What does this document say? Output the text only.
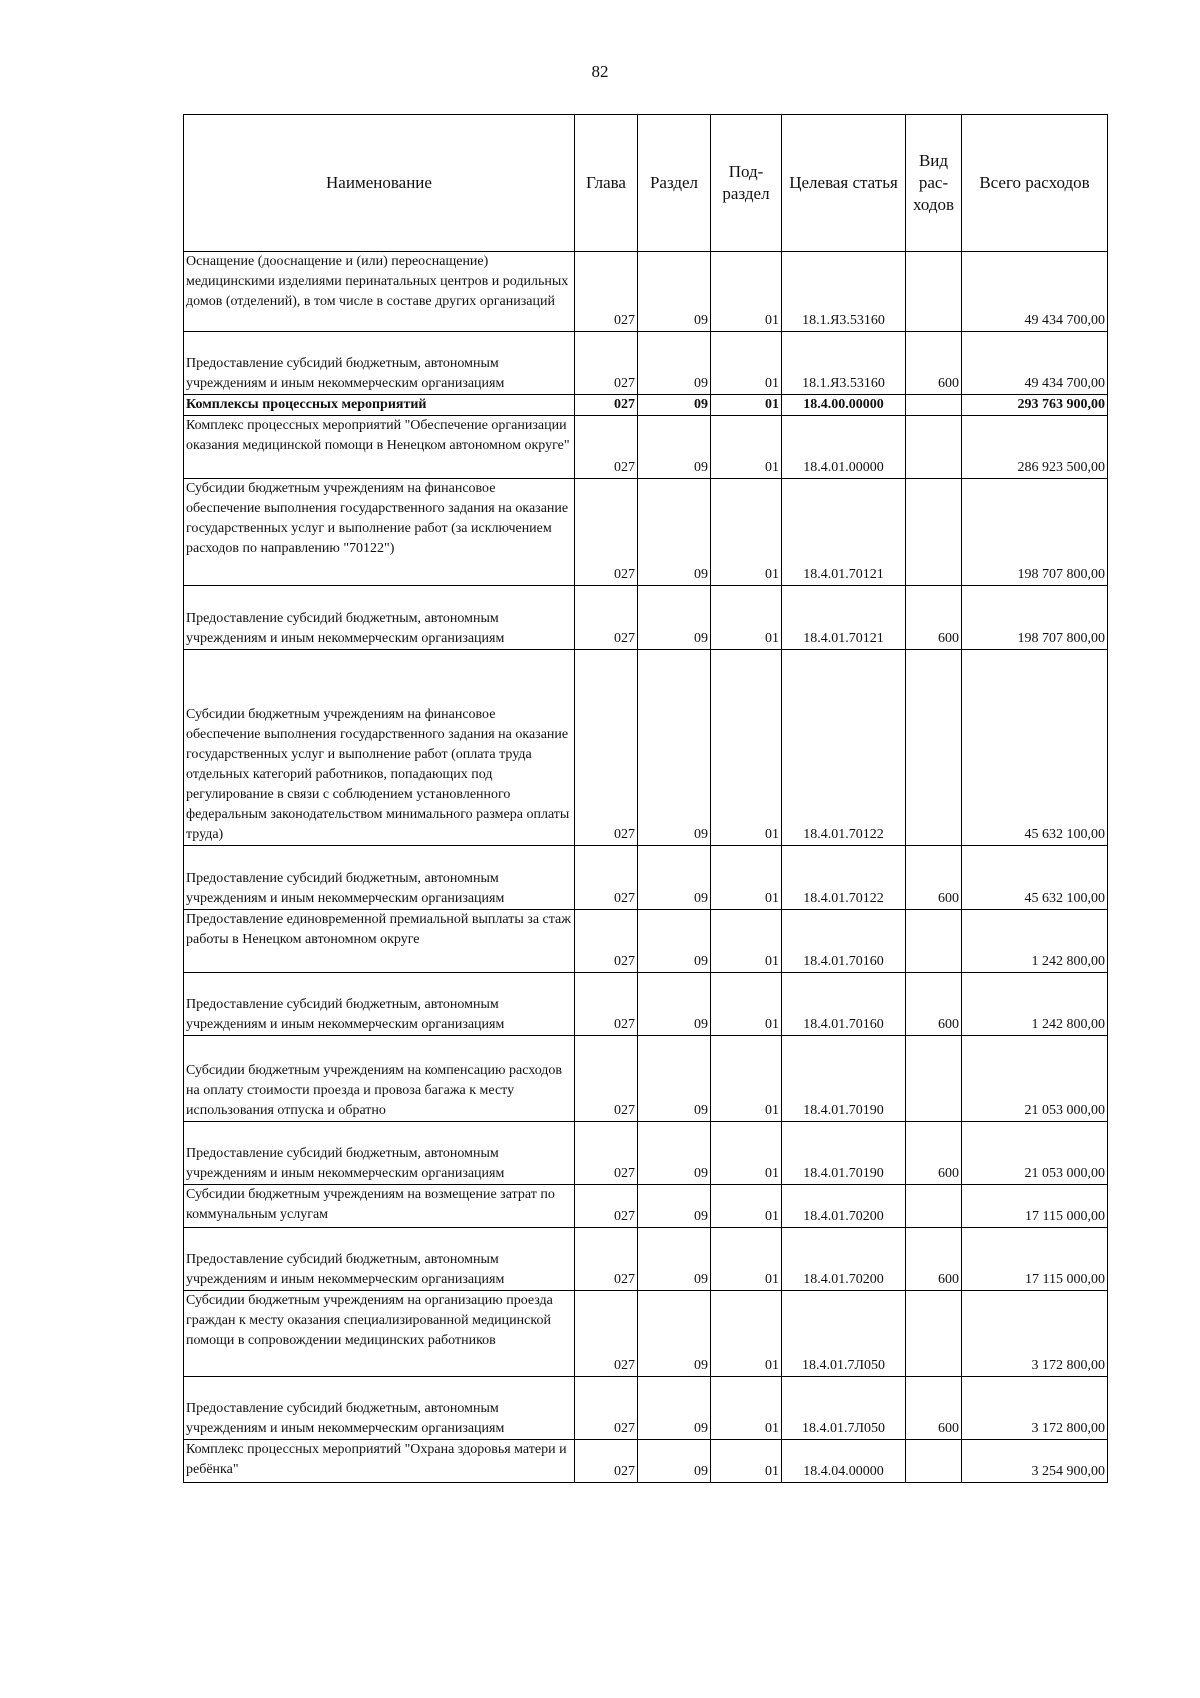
82
Наименование	Глава	Раздел	Под-раздел	Целевая статья	Вид рас-ходов	Всего расходов
Оснащение (дооснащение и (или) переоснащение) медицинскими изделиями перинатальных центров и родильных домов (отделений), в том числе в составе других организаций	027	09	01	18.1.Я3.53160		49 434 700,00
Предоставление субсидий бюджетным, автономным учреждениям и иным некоммерческим организациям	027	09	01	18.1.Я3.53160	600	49 434 700,00
Комплексы процессных мероприятий	027	09	01	18.4.00.00000		293 763 900,00
Комплекс процессных мероприятий "Обеспечение организации оказания медицинской помощи в Ненецком автономном округе"	027	09	01	18.4.01.00000		286 923 500,00
Субсидии бюджетным учреждениям на финансовое обеспечение выполнения государственного задания на оказание государственных услуг и выполнение работ (за исключением расходов по направлению "70122")	027	09	01	18.4.01.70121		198 707 800,00
Предоставление субсидий бюджетным, автономным учреждениям и иным некоммерческим организациям	027	09	01	18.4.01.70121	600	198 707 800,00
Субсидии бюджетным учреждениям на финансовое обеспечение выполнения государственного задания на оказание государственных услуг и выполнение работ (оплата труда отдельных категорий работников, попадающих под регулирование в связи с соблюдением установленного федеральным законодательством минимального размера оплаты труда)	027	09	01	18.4.01.70122		45 632 100,00
Предоставление субсидий бюджетным, автономным учреждениям и иным некоммерческим организациям	027	09	01	18.4.01.70122	600	45 632 100,00
Предоставление единовременной премиальной выплаты за стаж работы в Ненецком автономном округе	027	09	01	18.4.01.70160		1 242 800,00
Предоставление субсидий бюджетным, автономным учреждениям и иным некоммерческим организациям	027	09	01	18.4.01.70160	600	1 242 800,00
Субсидии бюджетным учреждениям на компенсацию расходов на оплату стоимости проезда и провоза багажа к месту использования отпуска и обратно	027	09	01	18.4.01.70190		21 053 000,00
Предоставление субсидий бюджетным, автономным учреждениям и иным некоммерческим организациям	027	09	01	18.4.01.70190	600	21 053 000,00
Субсидии бюджетным учреждениям на возмещение затрат по коммунальным услугам	027	09	01	18.4.01.70200		17 115 000,00
Предоставление субсидий бюджетным, автономным учреждениям и иным некоммерческим организациям	027	09	01	18.4.01.70200	600	17 115 000,00
Субсидии бюджетным учреждениям на организацию проезда граждан к месту оказания специализированной медицинской помощи в сопровождении медицинских работников	027	09	01	18.4.01.7Л050		3 172 800,00
Предоставление субсидий бюджетным, автономным учреждениям и иным некоммерческим организациям	027	09	01	18.4.01.7Л050	600	3 172 800,00
Комплекс процессных мероприятий "Охрана здоровья матери и ребёнка"	027	09	01	18.4.04.00000		3 254 900,00
